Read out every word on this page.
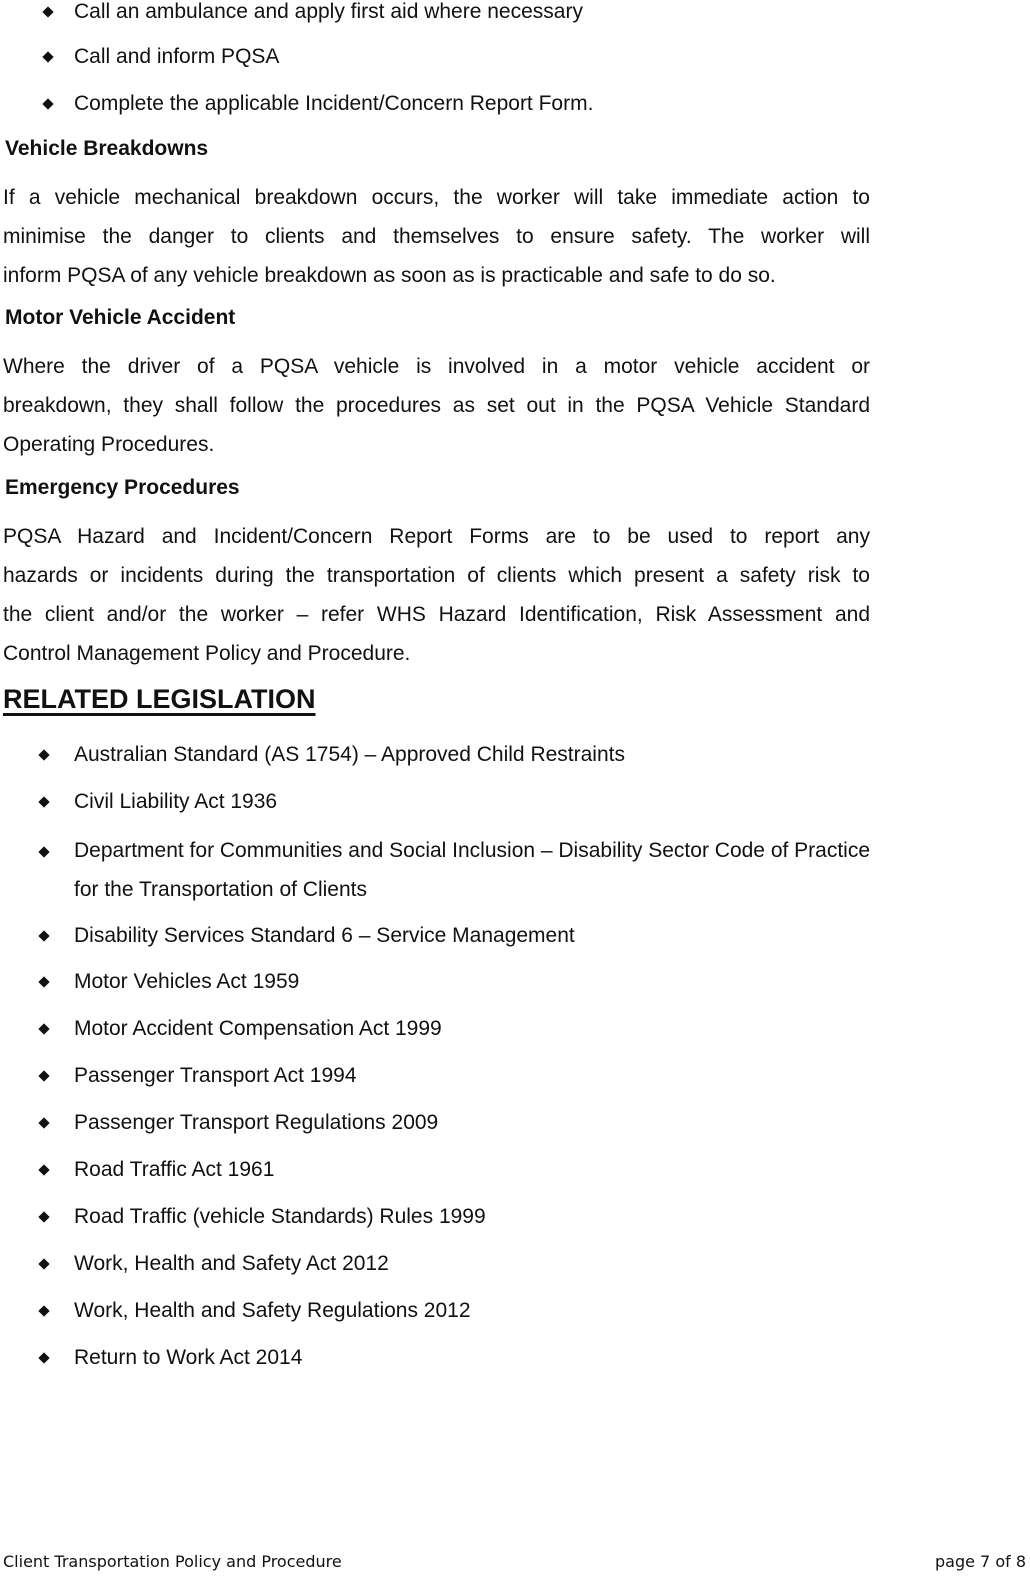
Call an ambulance and apply first aid where necessary
Call and inform PQSA
Complete the applicable Incident/Concern Report Form.
Vehicle Breakdowns
If a vehicle mechanical breakdown occurs, the worker will take immediate action to
minimise the danger to clients and themselves to ensure safety. The worker will
inform PQSA of any vehicle breakdown as soon as is practicable and safe to do so.
Motor Vehicle Accident
Where the driver of a PQSA vehicle is involved in a motor vehicle accident or
breakdown, they shall follow the procedures as set out in the PQSA Vehicle Standard
Operating Procedures.
Emergency Procedures
PQSA Hazard and Incident/Concern Report Forms are to be used to report any
hazards or incidents during the transportation of clients which present a safety risk to
the client and/or the worker – refer WHS Hazard Identification, Risk Assessment and
Control Management Policy and Procedure.
RELATED LEGISLATION
Australian Standard (AS 1754) – Approved Child Restraints
Civil Liability Act 1936
Department for Communities and Social Inclusion – Disability Sector Code of Practice for the Transportation of Clients
Disability Services Standard 6 – Service Management
Motor Vehicles Act 1959
Motor Accident Compensation Act 1999
Passenger Transport Act 1994
Passenger Transport Regulations 2009
Road Traffic Act 1961
Road Traffic (vehicle Standards) Rules 1999
Work, Health and Safety Act 2012
Work, Health and Safety Regulations 2012
Return to Work Act 2014
Client Transportation Policy and Procedure	page 7 of 8
